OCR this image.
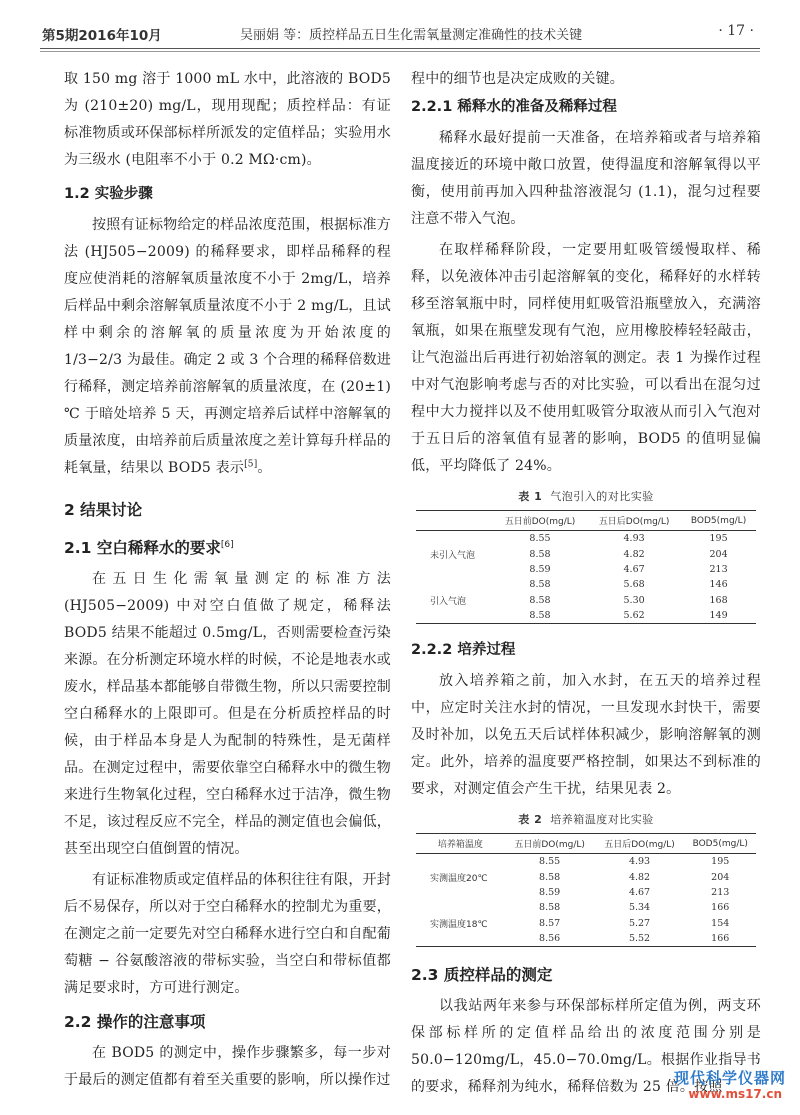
第5期2016年10月	吴丽娟 等：质控样品五日生化需氧量测定准确性的技术关键	· 17 ·

取 150 mg 溶于 1000 mL 水中，此溶液的 BOD5 为 (210±20) mg/L，现用现配；质控样品：有证标准物质或环保部标样所派发的定值样品；实验用水为三级水 (电阻率不小于 0.2 MΩ·cm)。

1.2 实验步骤

按照有证标物给定的样品浓度范围，根据标准方法 (HJ505−2009) 的稀释要求，即样品稀释的程度应使消耗的溶解氧质量浓度不小于 2mg/L，培养后样品中剩余溶解氧质量浓度不小于 2 mg/L，且试样中剩余的溶解氧的质量浓度为开始浓度的 1/3−2/3 为最佳。确定 2 或 3 个合理的稀释倍数进行稀释，测定培养前溶解氧的质量浓度，在 (20±1) ℃ 于暗处培养 5 天，再测定培养后试样中溶解氧的质量浓度，由培养前后质量浓度之差计算每升样品的耗氧量，结果以 BOD5 表示[5]。

2 结果讨论
2.1 空白稀释水的要求[6]

在五日生化需氧量测定的标准方法 (HJ505−2009) 中对空白值做了规定，稀释法 BOD5 结果不能超过 0.5mg/L，否则需要检查污染来源。在分析测定环境水样的时候，不论是地表水或废水，样品基本都能够自带微生物，所以只需要控制空白稀释水的上限即可。但是在分析质控样品的时候，由于样品本身是人为配制的特殊性，是无菌样品。在测定过程中，需要依靠空白稀释水中的微生物来进行生物氧化过程，空白稀释水过于洁净，微生物不足，该过程反应不完全，样品的测定值也会偏低，甚至出现空白值倒置的情况。

有证标准物质或定值样品的体积往往有限，开封后不易保存，所以对于空白稀释水的控制尤为重要，在测定之前一定要先对空白稀释水进行空白和自配葡萄糖 − 谷氨酸溶液的带标实验，当空白和带标值都满足要求时，方可进行测定。

2.2 操作的注意事项

在 BOD5 的测定中，操作步骤繁多，每一步对于最后的测定值都有着至关重要的影响，所以操作过

程中的细节也是决定成败的关键。

2.2.1 稀释水的准备及稀释过程

稀释水最好提前一天准备，在培养箱或者与培养箱温度接近的环境中敞口放置，使得温度和溶解氧得以平衡，使用前再加入四种盐溶液混匀 (1.1)，混匀过程要注意不带入气泡。

在取样稀释阶段，一定要用虹吸管缓慢取样、稀释，以免液体冲击引起溶解氧的变化，稀释好的水样转移至溶氧瓶中时，同样使用虹吸管沿瓶壁放入，充满溶氧瓶，如果在瓶壁发现有气泡，应用橡胶棒轻轻敲击，让气泡溢出后再进行初始溶氧的测定。表 1 为操作过程中对气泡影响考虑与否的对比实验，可以看出在混匀过程中大力搅拌以及不使用虹吸管分取液从而引入气泡对于五日后的溶氧值有显著的影响，BOD5 的值明显偏低，平均降低了 24%。

表 1 气泡引入的对比实验
	五日前DO(mg/L)	五日后DO(mg/L)	BOD5(mg/L)
	8.55	4.93	195
未引入气泡	8.58	4.82	204
	8.59	4.67	213
	8.58	5.68	146
引入气泡	8.58	5.30	168
	8.58	5.62	149
2.2.2 培养过程

放入培养箱之前，加入水封，在五天的培养过程中，应定时关注水封的情况，一旦发现水封快干，需要及时补加，以免五天后试样体积减少，影响溶解氧的测定。此外，培养的温度要严格控制，如果达不到标准的要求，对测定值会产生干扰，结果见表 2。

表 2 培养箱温度对比实验
培养箱温度	五日前DO(mg/L)	五日后DO(mg/L)	BOD5(mg/L)
	8.55	4.93	195
实测温度20℃	8.58	4.82	204
	8.59	4.67	213
	8.58	5.34	166
实测温度18℃	8.57	5.27	154
	8.56	5.52	166
2.3 质控样品的测定

以我站两年来参与环保部标样所定值为例，两支环保部标样所的定值样品给出的浓度范围分别是 50.0−120mg/L，45.0−70.0mg/L。根据作业指导书的要求，稀释剂为纯水，稀释倍数为 25 倍。按照

现代科学仪器网
www.ms17.cn
